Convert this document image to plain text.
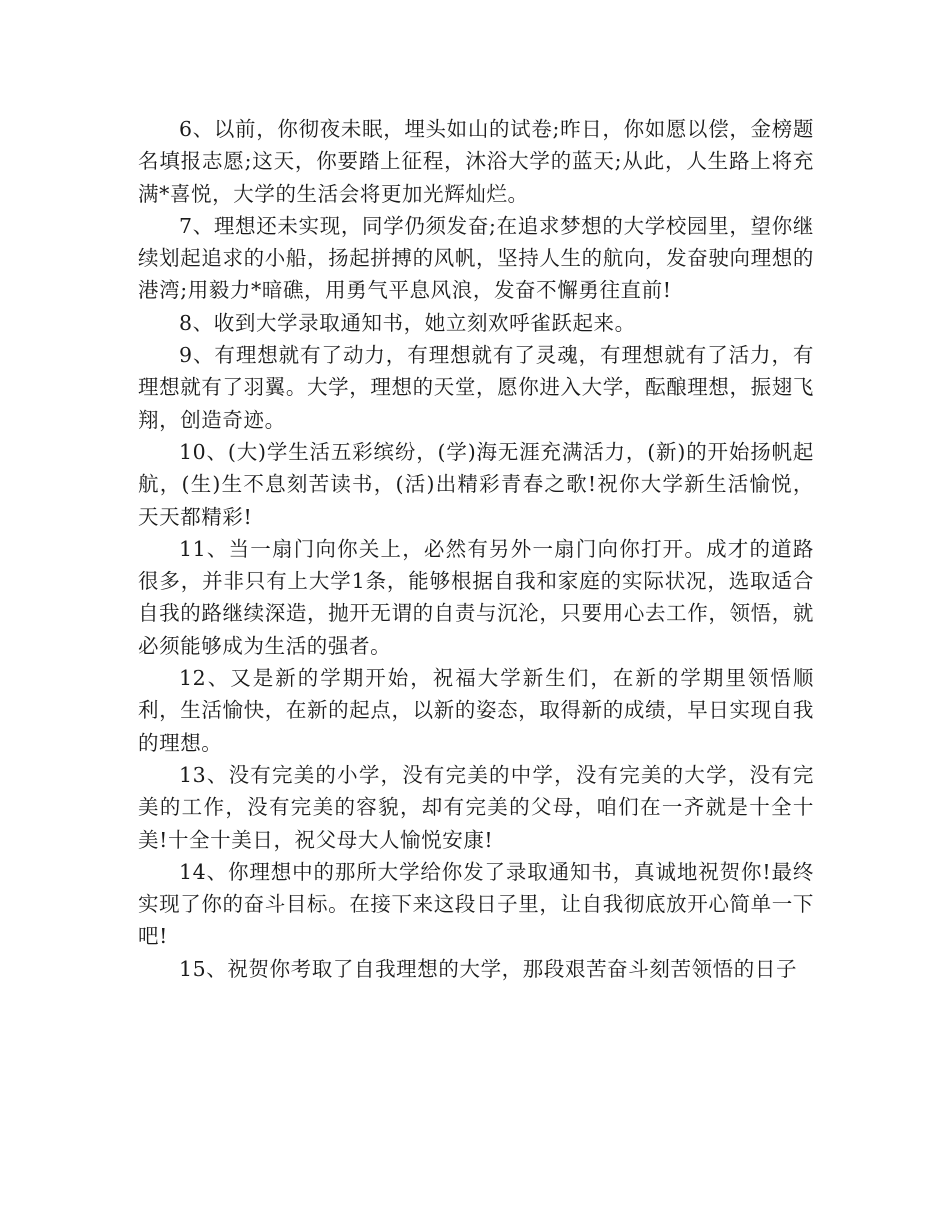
6、以前，你彻夜未眠，埋头如山的试卷;昨日，你如愿以偿，金榜题名填报志愿;这天，你要踏上征程，沐浴大学的蓝天;从此，人生路上将充满*喜悦，大学的生活会将更加光辉灿烂。

7、理想还未实现，同学仍须发奋;在追求梦想的大学校园里，望你继续划起追求的小船，扬起拼搏的风帆，坚持人生的航向，发奋驶向理想的港湾;用毅力*暗礁，用勇气平息风浪，发奋不懈勇往直前!

8、收到大学录取通知书，她立刻欢呼雀跃起来。

9、有理想就有了动力，有理想就有了灵魂，有理想就有了活力，有理想就有了羽翼。大学，理想的天堂，愿你进入大学，酝酿理想，振翅飞翔，创造奇迹。

10、(大)学生活五彩缤纷，(学)海无涯充满活力，(新)的开始扬帆起航，(生)生不息刻苦读书，(活)出精彩青春之歌!祝你大学新生活愉悦，天天都精彩!

11、当一扇门向你关上，必然有另外一扇门向你打开。成才的道路很多，并非只有上大学1条，能够根据自我和家庭的实际状况，选取适合自我的路继续深造，抛开无谓的自责与沉沦，只要用心去工作，领悟，就必须能够成为生活的强者。

12、又是新的学期开始，祝福大学新生们，在新的学期里领悟顺利，生活愉快，在新的起点，以新的姿态，取得新的成绩，早日实现自我的理想。

13、没有完美的小学，没有完美的中学，没有完美的大学，没有完美的工作，没有完美的容貌，却有完美的父母，咱们在一齐就是十全十美!十全十美日，祝父母大人愉悦安康!

14、你理想中的那所大学给你发了录取通知书，真诚地祝贺你!最终实现了你的奋斗目标。在接下来这段日子里，让自我彻底放开心简单一下吧!

15、祝贺你考取了自我理想的大学，那段艰苦奋斗刻苦领悟的日子
